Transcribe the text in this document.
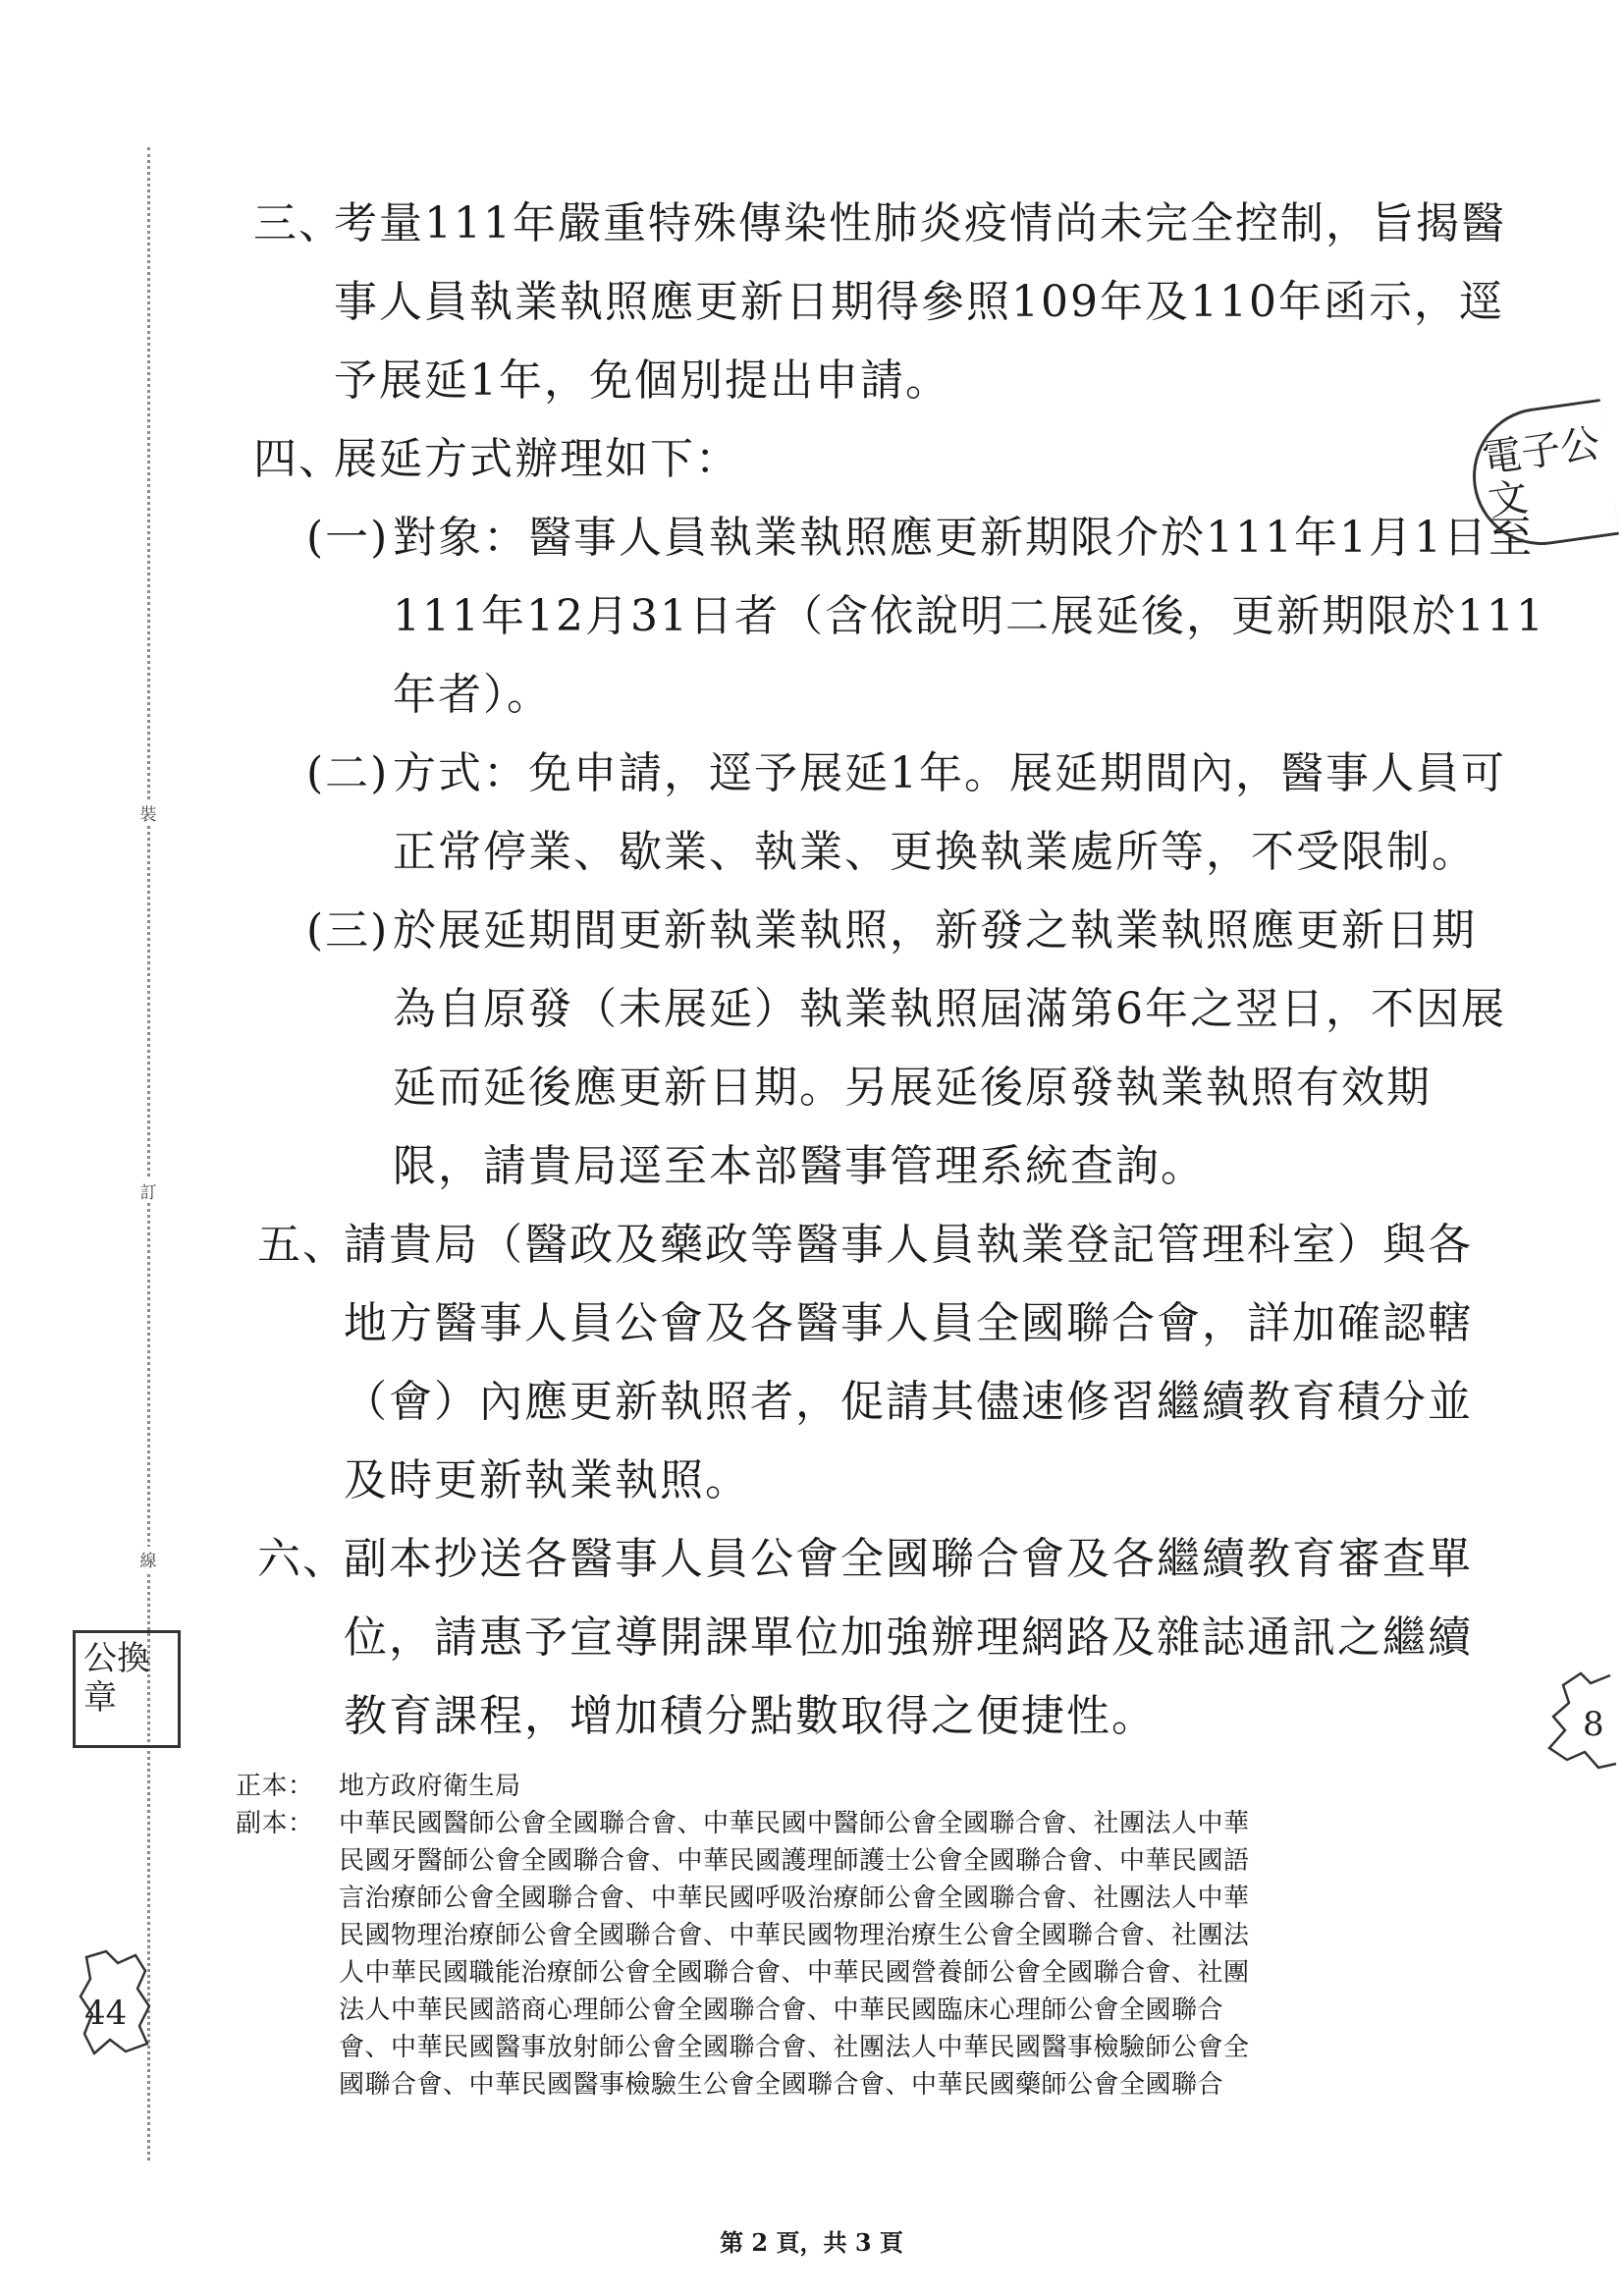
裝
訂
線
三、
考量111年嚴重特殊傳染性肺炎疫情尚未完全控制，旨揭醫
事人員執業執照應更新日期得參照109年及110年函示，逕
予展延1年，免個別提出申請。
四、
展延方式辦理如下：
(一) 對象：醫事人員執業執照應更新期限介於111年1月1日至
111年12月31日者（含依說明二展延後，更新期限於111
年者）。
(二) 方式：免申請，逕予展延1年。展延期間內，醫事人員可
正常停業、歇業、執業、更換執業處所等，不受限制。
(三) 於展延期間更新執業執照，新發之執業執照應更新日期
為自原發（未展延）執業執照屆滿第6年之翌日，不因展
延而延後應更新日期。另展延後原發執業執照有效期
限，請貴局逕至本部醫事管理系統查詢。
五、
請貴局（醫政及藥政等醫事人員執業登記管理科室）與各
地方醫事人員公會及各醫事人員全國聯合會，詳加確認轄
（會）內應更新執照者，促請其儘速修習繼續教育積分並
及時更新執業執照。
六、
副本抄送各醫事人員公會全國聯合會及各繼續教育審查單
位，請惠予宣導開課單位加強辦理網路及雜誌通訊之繼續
教育課程，增加積分點數取得之便捷性。
正本： 地方政府衛生局
副本： 中華民國醫師公會全國聯合會、中華民國中醫師公會全國聯合會、社團法人中華
民國牙醫師公會全國聯合會、中華民國護理師護士公會全國聯合會、中華民國語
言治療師公會全國聯合會、中華民國呼吸治療師公會全國聯合會、社團法人中華
民國物理治療師公會全國聯合會、中華民國物理治療生公會全國聯合會、社團法
人中華民國職能治療師公會全國聯合會、中華民國營養師公會全國聯合會、社團
法人中華民國諮商心理師公會全國聯合會、中華民國臨床心理師公會全國聯合
會、中華民國醫事放射師公會全國聯合會、社團法人中華民國醫事檢驗師公會全
國聯合會、中華民國醫事檢驗生公會全國聯合會、中華民國藥師公會全國聯合
第 2 頁，共 3 頁
電子公文
公換章
44
8
